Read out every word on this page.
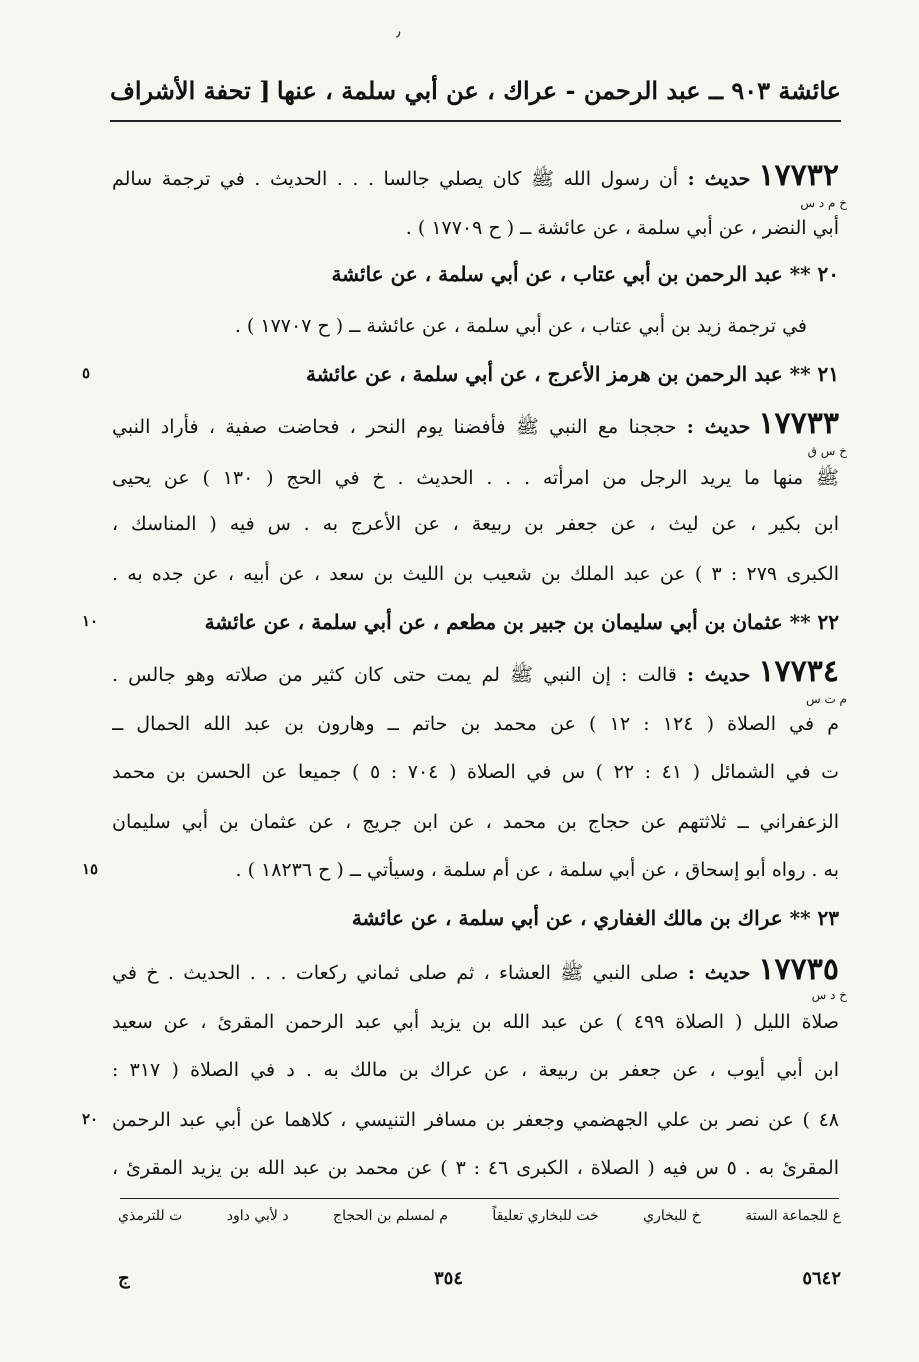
٫
عائشة ٩٠٣ ــ عبد الرحمن - عراك ، عن أبي سلمة ، عنها
[ تحفة الأشراف
١٧٧٣٢حديث : أن رسول الله ﷺ كان يصلي جالسا . . . الحديث . في ترجمة سالم
أبي النضر ، عن أبي سلمة ، عن عائشة ــ ( ح ١٧٧٠٩ ) .
٢٠ ** عبد الرحمن بن أبي عتاب ، عن أبي سلمة ، عن عائشة
في ترجمة زيد بن أبي عتاب ، عن أبي سلمة ، عن عائشة ــ ( ح ١٧٧٠٧ ) .
٢١ ** عبد الرحمن بن هرمز الأعرج ، عن أبي سلمة ، عن عائشة
١٧٧٣٣حديث : حججنا مع النبي ﷺ فأفضنا يوم النحر ، فحاضت صفية ، فأراد النبي
ﷺ منها ما يريد الرجل من امرأته . . . الحديث . خ في الحج ( ١٣٠ ) عن يحيى
ابن بكير ، عن ليث ، عن جعفر بن ربيعة ، عن الأعرج به . س فيه ( المناسك ،
الكبرى ٢٧٩ : ٣ ) عن عبد الملك بن شعيب بن الليث بن سعد ، عن أبيه ، عن جده به .
٢٢ ** عثمان بن أبي سليمان بن جبير بن مطعم ، عن أبي سلمة ، عن عائشة
١٧٧٣٤حديث : قالت : إن النبي ﷺ لم يمت حتى كان كثير من صلاته وهو جالس .
م في الصلاة ( ١٢٤ : ١٢ ) عن محمد بن حاتم ــ وهارون بن عبد الله الحمال ــ
ت في الشمائل ( ٤١ : ٢٢ ) س في الصلاة ( ٧٠٤ : ٥ ) جميعا عن الحسن بن محمد
الزعفراني ــ ثلاثتهم عن حجاج بن محمد ، عن ابن جريج ، عن عثمان بن أبي سليمان
به . رواه أبو إسحاق ، عن أبي سلمة ، عن أم سلمة ، وسيأتي ــ ( ح ١٨٢٣٦ ) .
٢٣ ** عراك بن مالك الغفاري ، عن أبي سلمة ، عن عائشة
١٧٧٣٥حديث : صلى النبي ﷺ العشاء ، ثم صلى ثماني ركعات . . . الحديث . خ في
صلاة الليل ( الصلاة ٤٩٩ ) عن عبد الله بن يزيد أبي عبد الرحمن المقرئ ، عن سعيد
ابن أبي أيوب ، عن جعفر بن ربيعة ، عن عراك بن مالك به . د في الصلاة ( ٣١٧ :
٤٨ ) عن نصر بن علي الجهضمي وجعفر بن مسافر التنيسي ، كلاهما عن أبي عبد الرحمن
المقرئ به . ٥ س فيه ( الصلاة ، الكبرى ٤٦ : ٣ ) عن محمد بن عبد الله بن يزيد المقرئ ،
خ م د س
خ س ق
م ت س
خ د س
٥
١٠
١٥
٢٠
ع للجماعة الستة
خ للبخاري
خت للبخاري تعليقاً
م لمسلم بن الحجاج
د لأبي داود
ت للترمذي
ج	٣٥٤	٥٦٤٢
